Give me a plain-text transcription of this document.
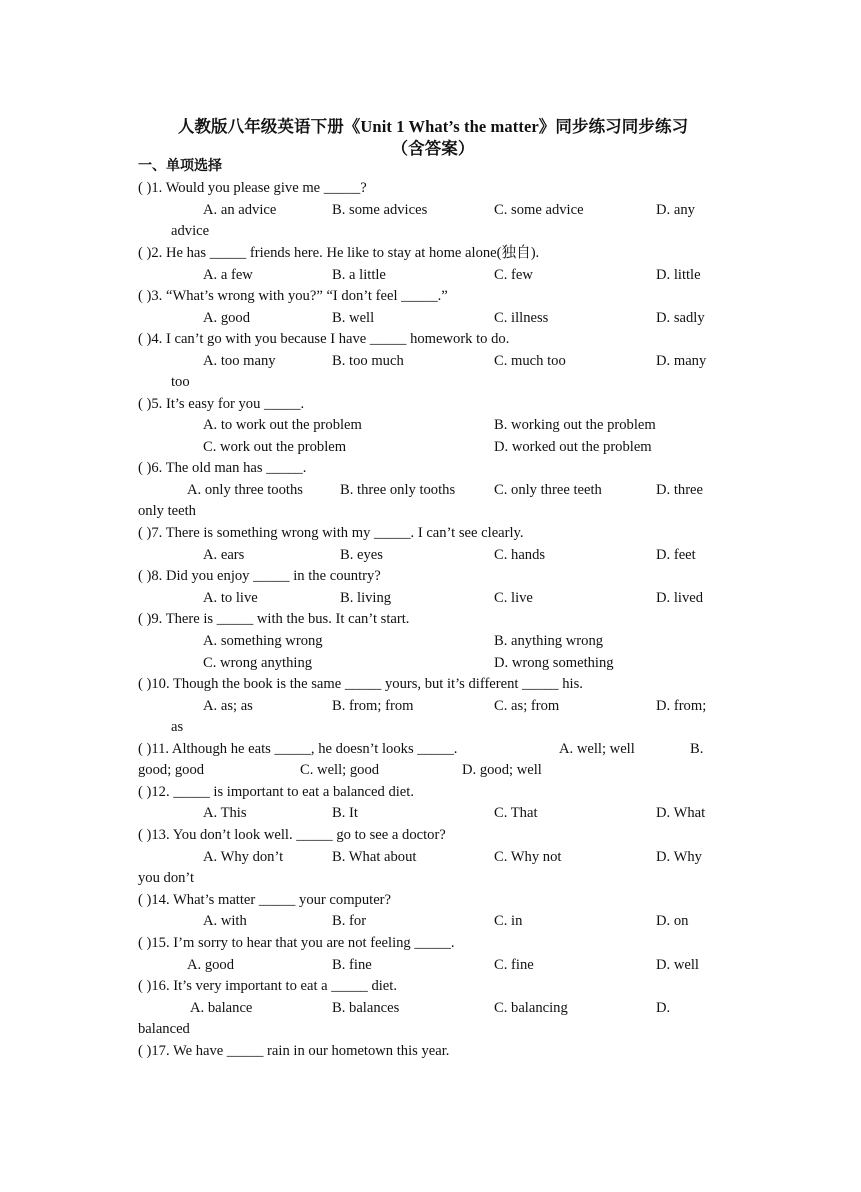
人教版八年级英语下册《Unit 1 What’s the matter》同步练习同步练习
（含答案）
一、单项选择
( )1. Would you please give me _____?
A. an advice	B. some advices	C. some advice	D. any
advice
( )2. He has _____ friends here. He like to stay at home alone(独自).
A. a few	B. a little	C. few	D. little
( )3. “What’s wrong with you?” “I don’t feel _____.”
A. good	B. well	C. illness	D. sadly
( )4. I can’t go with you because I have _____ homework to do.
A. too many	B. too much	C. much too	D. many
too
( )5. It’s easy for you _____.
A. to work out the problem	B. working out the problem
C. work out the problem	D. worked out the problem
( )6. The old man has _____.
A. only three tooths	B. three only tooths	C. only three teeth	D. three
only teeth
( )7. There is something wrong with my _____. I can’t see clearly.
A. ears	B. eyes	C. hands	D. feet
( )8. Did you enjoy _____ in the country?
A. to live	B. living	C. live	D. lived
( )9. There is _____ with the bus. It can’t start.
A. something wrong	B. anything wrong
C. wrong anything	D. wrong something
( )10. Though the book is the same _____ yours, but it’s different _____ his.
A. as; as	B. from; from	C. as; from	D. from;
as
( )11. Although he eats _____, he doesn’t looks _____.	A. well; well	B.
good; good	C. well; good	D. good; well
( )12. _____ is important to eat a balanced diet.
A. This	B. It	C. That	D. What
( )13. You don’t look well. _____ go to see a doctor?
A. Why don’t	B. What about	C. Why not	D. Why
you don’t
( )14. What’s matter _____ your computer?
A. with	B. for	C. in	D. on
( )15. I’m sorry to hear that you are not feeling _____.
A. good	B. fine	C. fine	D. well
( )16. It’s very important to eat a _____ diet.
A. balance	B. balances	C. balancing	D.
balanced
( )17. We have _____ rain in our hometown this year.
